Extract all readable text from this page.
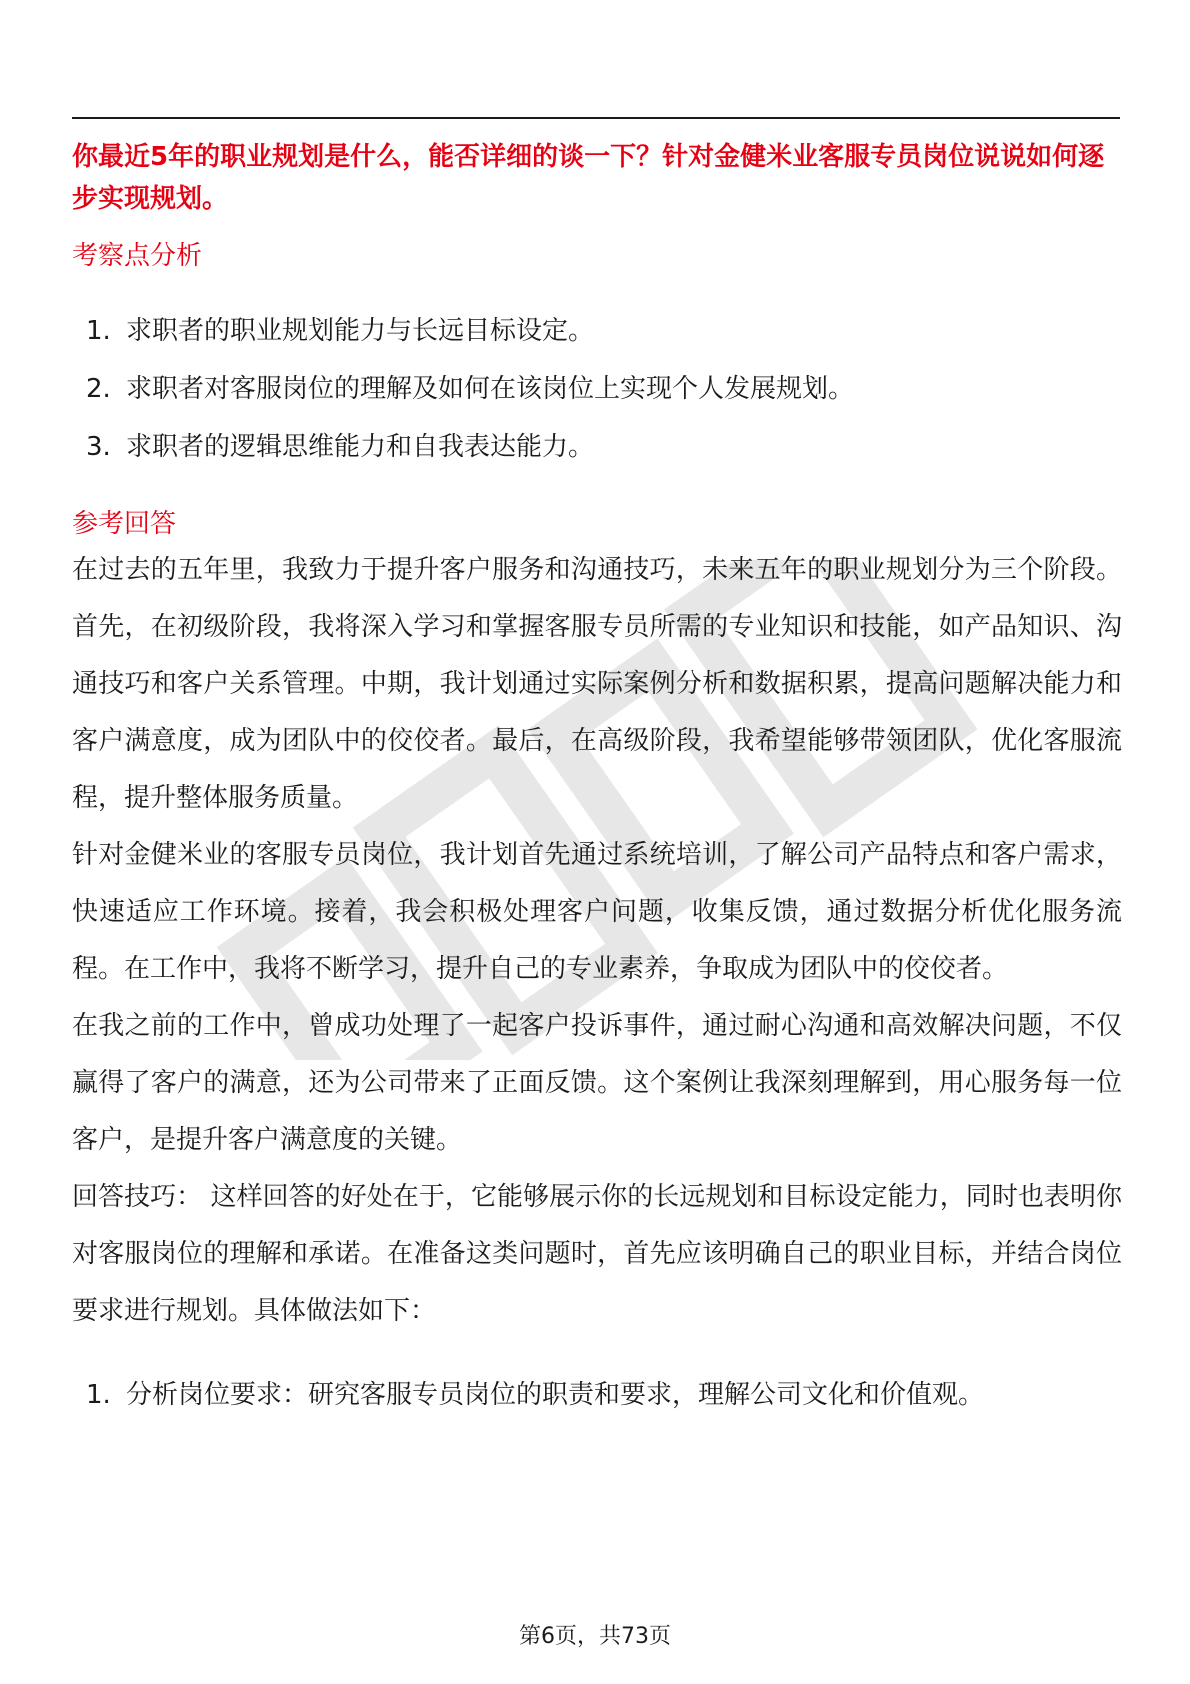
你最近5年的职业规划是什么，能否详细的谈一下？针对金健米业客服专员岗位说说如何逐步实现规划。

考察点分析
1. 求职者的职业规划能力与长远目标设定。
2. 求职者对客服岗位的理解及如何在该岗位上实现个人发展规划。
3. 求职者的逻辑思维能力和自我表达能力。
参考回答

在过去的五年里，我致力于提升客户服务和沟通技巧，未来五年的职业规划分为三个阶段。首先，在初级阶段，我将深入学习和掌握客服专员所需的专业知识和技能，如产品知识、沟通技巧和客户关系管理。中期，我计划通过实际案例分析和数据积累，提高问题解决能力和客户满意度，成为团队中的佼佼者。最后，在高级阶段，我希望能够带领团队，优化客服流程，提升整体服务质量。

针对金健米业的客服专员岗位，我计划首先通过系统培训，了解公司产品特点和客户需求，快速适应工作环境。接着，我会积极处理客户问题，收集反馈，通过数据分析优化服务流程。在工作中，我将不断学习，提升自己的专业素养，争取成为团队中的佼佼者。

在我之前的工作中，曾成功处理了一起客户投诉事件，通过耐心沟通和高效解决问题，不仅赢得了客户的满意，还为公司带来了正面反馈。这个案例让我深刻理解到，用心服务每一位客户，是提升客户满意度的关键。

回答技巧： 这样回答的好处在于，它能够展示你的长远规划和目标设定能力，同时也表明你对客服岗位的理解和承诺。在准备这类问题时，首先应该明确自己的职业目标，并结合岗位要求进行规划。具体做法如下：

1. 分析岗位要求：研究客服专员岗位的职责和要求，理解公司文化和价值观。
第6页，共73页
